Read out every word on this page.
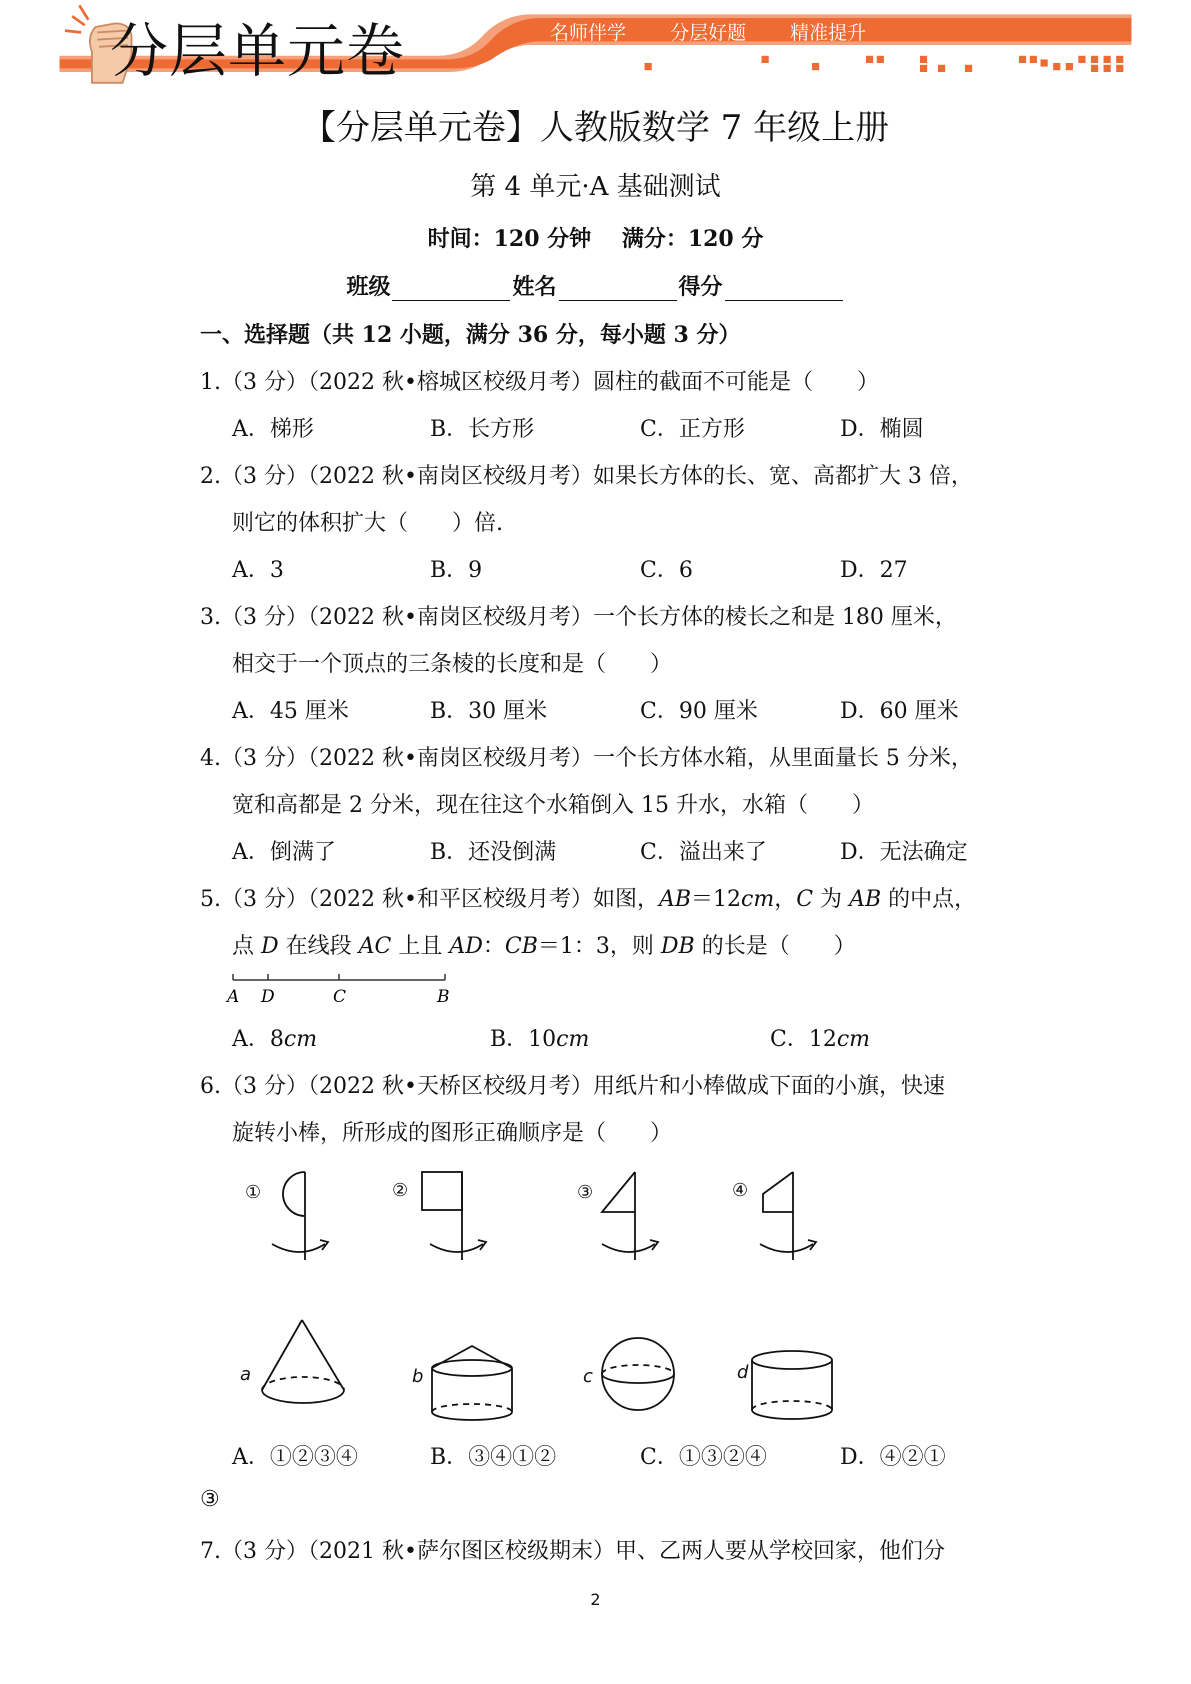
分层单元卷	名师伴学  分层好题  精准提升
【分层单元卷】人教版数学 7 年级上册
第 4 单元·A 基础测试
时间：120 分钟    满分：120 分
班级	姓名	得分
一、选择题（共 12 小题，满分 36 分，每小题 3 分）
1.（3 分）（2022 秋•榕城区校级月考）圆柱的截面不可能是（　　）
A．梯形	B．长方形	C．正方形	D．椭圆
2.（3 分）（2022 秋•南岗区校级月考）如果长方体的长、宽、高都扩大 3 倍，
则它的体积扩大（　　）倍.
A．3	B．9	C．6	D．27
3.（3 分）（2022 秋•南岗区校级月考）一个长方体的棱长之和是 180 厘米，
相交于一个顶点的三条棱的长度和是（　　）
A．45 厘米	B．30 厘米	C．90 厘米	D．60 厘米
4.（3 分）（2022 秋•南岗区校级月考）一个长方体水箱，从里面量长 5 分米，
宽和高都是 2 分米，现在往这个水箱倒入 15 升水，水箱（　　）
A．倒满了	B．还没倒满	C．溢出来了	D．无法确定
5.（3 分）（2022 秋•和平区校级月考）如图，AB＝12cm，C 为 AB 的中点，
点 D 在线段 AC 上且 AD：CB＝1：3，则 DB 的长是（　　）
A D	C	B
A．8cm	B．10cm	C．12cm
6.（3 分）（2022 秋•天桥区校级月考）用纸片和小棒做成下面的小旗，快速
旋转小棒，所形成的图形正确顺序是（　　）
①	②	③	④
a	b	c	d
A．①②③④	B．③④①②	C．①③②④	D．④②①
③
7.（3 分）（2021 秋•萨尔图区校级期末）甲、乙两人要从学校回家，他们分
2
